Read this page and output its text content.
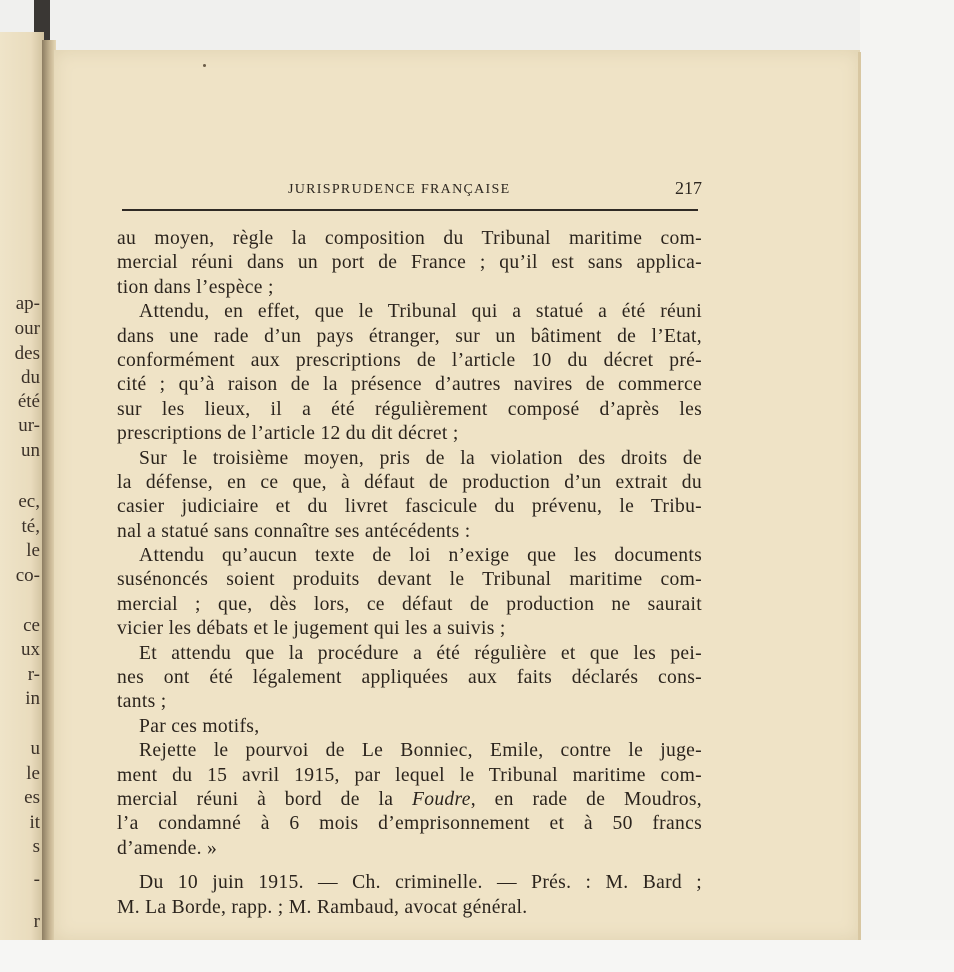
ap-
our
des
du
été
ur-
un
ec,
té,
le
co-
ce
ux
r-
in
u
le
es
it
s
-
r
JURISPRUDENCE FRANÇAISE	217
au moyen, règle la composition du Tribunal maritime com-
mercial réuni dans un port de France ; qu’il est sans applica-
tion dans l’espèce ;
Attendu, en effet, que le Tribunal qui a statué a été réuni
dans une rade d’un pays étranger, sur un bâtiment de l’Etat,
conformément aux prescriptions de l’article 10 du décret pré-
cité ; qu’à raison de la présence d’autres navires de commerce
sur les lieux, il a été régulièrement composé d’après les
prescriptions de l’article 12 du dit décret ;
Sur le troisième moyen, pris de la violation des droits de
la défense, en ce que, à défaut de production d’un extrait du
casier judiciaire et du livret fascicule du prévenu, le Tribu-
nal a statué sans connaître ses antécédents :
Attendu qu’aucun texte de loi n’exige que les documents
susénoncés soient produits devant le Tribunal maritime com-
mercial ; que, dès lors, ce défaut de production ne saurait
vicier les débats et le jugement qui les a suivis ;
Et attendu que la procédure a été régulière et que les pei-
nes ont été légalement appliquées aux faits déclarés cons-
tants ;
Par ces motifs,
Rejette le pourvoi de Le Bonniec, Emile, contre le juge-
ment du 15 avril 1915, par lequel le Tribunal maritime com-
mercial réuni à bord de la Foudre, en rade de Moudros,
l’a condamné à 6 mois d’emprisonnement et à 50 francs
d’amende. »
Du 10 juin 1915. — Ch. criminelle. — Prés. : M. Bard ;
M. La Borde, rapp. ; M. Rambaud, avocat général.
